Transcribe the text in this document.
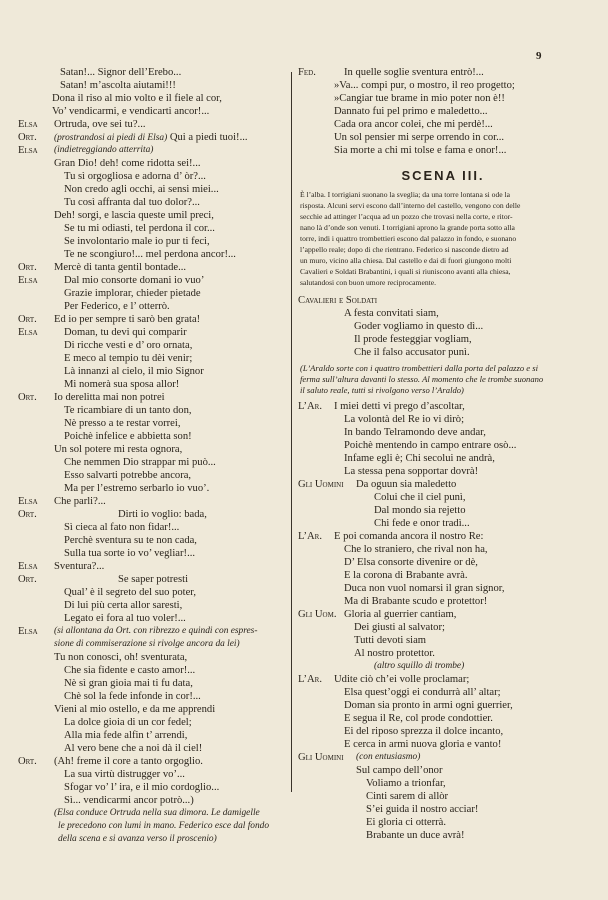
9
Satan!... Signor dell’Erebo...
Satan! m’ascolta aiutami!!!
Dona il riso al mio volto e il fiele al cor,
Vo’ vendicarmi, e vendicarti ancor!...
Elsa Ortruda, ove sei tu?...
Ort. (prostrandosi ai piedi di Elsa) Qui a piedi tuoi!...
Elsa (indietreggiando atterrita)
Gran Dio! deh! come ridotta sei!...
Tu sì orgogliosa e adorna d’ òr?...
Non credo agli occhi, ai sensi miei...
Tu così affranta dal tuo dolor?...
Deh! sorgi, e lascia queste umil preci,
Se tu mi odiasti, tel perdona il cor...
Se involontario male io pur ti feci,
Te ne scongiuro!... mel perdona ancor!...
Ort. Mercè di tanta gentil bontade...
Elsa Dal mio consorte domani io vuo’
Grazie implorar, chieder pietade
Per Federico, e l’ otterrò.
Ort. Ed io per sempre ti sarò ben grata!
Elsa Doman, tu devi qui comparir
Di ricche vesti e d’ oro ornata,
E meco al tempio tu dèi venir;
Là innanzi al cielo, il mio Signor
Mi nomerà sua sposa allor!
Ort. Io derelitta mai non potrei
Te ricambiare di un tanto don,
Nè presso a te restar vorrei,
Poichè infelice e abbietta son!
Un sol potere mi resta ognora,
Che nemmen Dio strappar mi può...
Esso salvarti potrebbe ancora,
Ma per l’estremo serbarlo io vuo’.
Elsa Che parli?...
Ort.	Dirti io voglio: bada,
Sì cieca al fato non fidar!...
Perchè sventura su te non cada,
Sulla tua sorte io vo’ vegliar!...
Elsa Sventura?...
Ort.	Se saper potresti
Qual’ è il segreto del suo poter,
Di lui più certa allor saresti,
Legato ei fora al tuo voler!...
Elsa (si allontana da Ort. con ribrezzo e quindi con espres-
sione di commiserazione si rivolge ancora da lei)
Tu non conosci, oh! sventurata,
Che sia fidente e casto amor!...
Nè sì gran gioia mai ti fu data,
Chè sol la fede infonde in cor!...
Vieni al mio ostello, e da me apprendi
La dolce gioia di un cor fedel;
Alla mia fede alfin t’ arrendi,
Al vero bene che a noi dà il ciel!
Ort. (Ah! freme il core a tanto orgoglio.
La sua virtù distrugger vo’...
Sfogar vo’ l’ ira, e il mio cordoglio...
Sì... vendicarmi ancor potrò...)
(Elsa conduce Ortruda nella sua dimora. Le damigelle
le precedono con lumi in mano. Federico esce dal fondo
della scena e si avanza verso il proscenio)
Fed.	In quelle soglie sventura entrò!...
»Va... compi pur, o mostro, il reo progetto;
»Cangiar tue brame in mio poter non è!!
Dannato fui pel primo e maledetto...
Cada ora ancor colei, che mi perdè!...
Un sol pensier mi serpe orrendo in cor...
Sia morte a chi mi tolse e fama e onor!...
SCENA III.
È l’alba. I torrigiani suonano la sveglia; da una torre lontana si ode la
risposta. Alcuni servi escono dall’interno del castello, vengono con delle
secchie ad attinger l’acqua ad un pozzo che trovasi nella corte, e ritor-
nano là d’onde son venuti. I torrigiani aprono la grande porta sotto alla
torre, indi i quattro trombettieri escono dal palazzo in fondo, e suonano
l’appello reale; dopo di che rientrano. Federico si nasconde dietro ad
un muro, vicino alla chiesa. Dal castello e dai di fuori giungono molti
Cavalieri e Soldati Brabantini, i quali si riuniscono avanti alla chiesa,
salutandosi con buon umore reciprocamente.
Cavalieri e Soldati
A festa convitati siam,
Goder vogliamo in questo dì...
Il prode festeggiar vogliam,
Che il falso accusator punì.
(L’Araldo sorte con i quattro trombettieri dalla porta del palazzo e si
ferma sull’altura davanti lo stesso. Al momento che le trombe suonano
il saluto reale, tutti si rivolgono verso l’Araldo)
L’Ar. I miei detti vi prego d’ascoltar,
La volontà del Re io vi dirò;
In bando Telramondo deve andar,
Poichè mentendo in campo entrare osò...
Infame egli è; Chi secolui ne andrà,
La stessa pena sopportar dovrà!
Gli Uomini Da oguun sia maledetto
Colui che il ciel punì,
Dal mondo sia rejetto
Chi fede e onor tradì...
L’Ar. E poi comanda ancora il nostro Re:
Che lo straniero, che rival non ha,
D’ Elsa consorte divenire or dè,
E la corona di Brabante avrà.
Duca non vuol nomarsi il gran signor,
Ma di Brabante scudo e protettor!
Gli Uom. Gloria al guerrier cantiam,
Dei giusti al salvator;
Tutti devoti siam
Al nostro protettor.
(altro squillo di trombe)
L’Ar. Udite ciò ch’ei volle proclamar;
Elsa quest’oggi ei condurrà all’ altar;
Doman sia pronto in armi ogni guerrier,
E segua il Re, col prode condottier.
Ei del riposo sprezza il dolce incanto,
E cerca in armi nuova gloria e vanto!
Gli Uomini (con entusiasmo)
Sul campo dell’onor
Voliamo a trionfar,
Cinti sarem di allòr
S’ei guida il nostro acciar!
Ei gloria ci otterrà.
Brabante un duce avrà!
